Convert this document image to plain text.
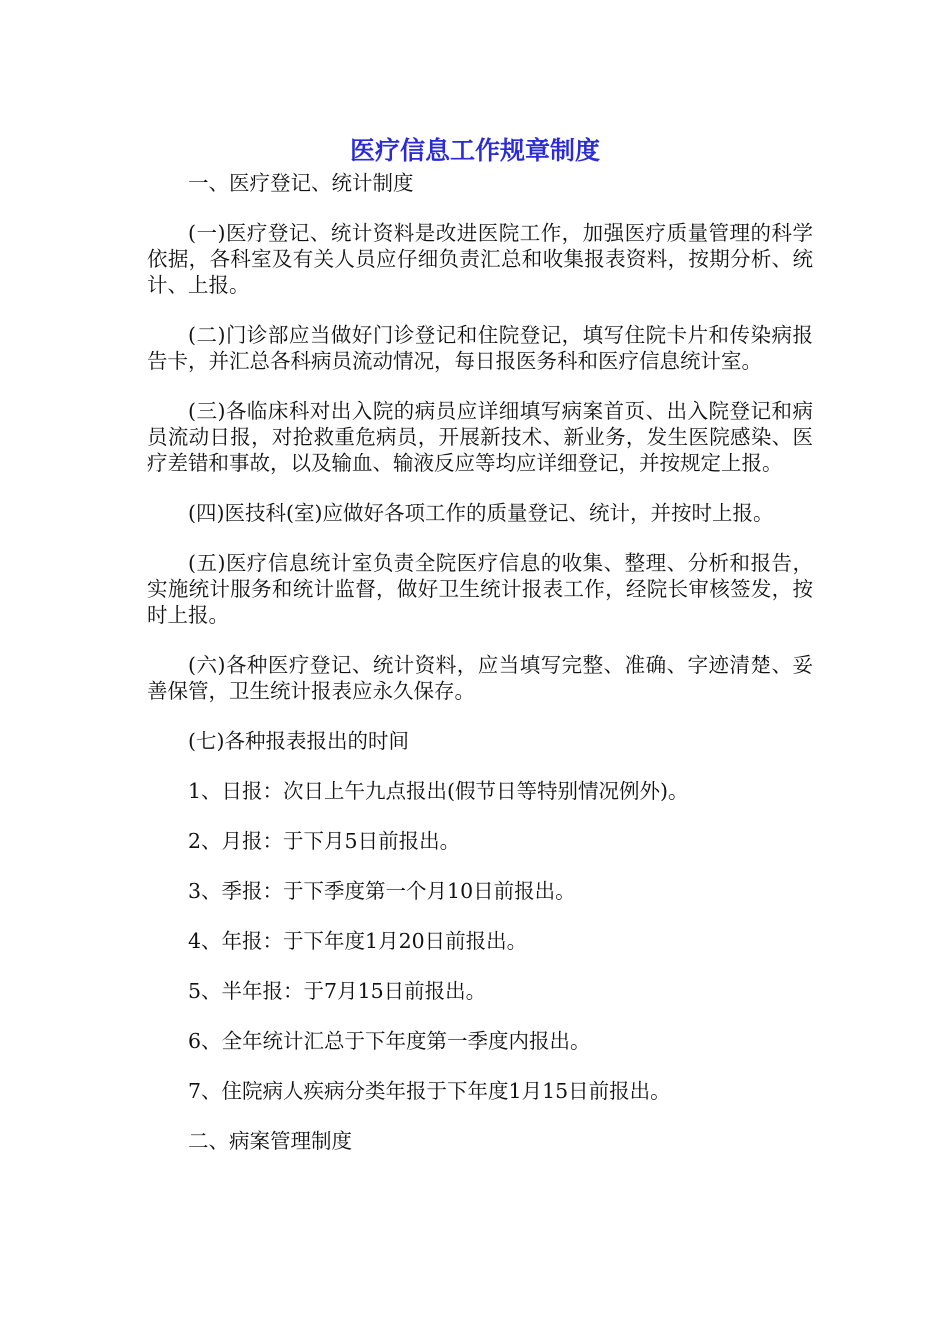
医疗信息工作规章制度

一、医疗登记、统计制度

(一)医疗登记、统计资料是改进医院工作，加强医疗质量管理的科学依据，各科室及有关人员应仔细负责汇总和收集报表资料，按期分析、统计、上报。

(二)门诊部应当做好门诊登记和住院登记，填写住院卡片和传染病报告卡，并汇总各科病员流动情况，每日报医务科和医疗信息统计室。

(三)各临床科对出入院的病员应详细填写病案首页、出入院登记和病员流动日报，对抢救重危病员，开展新技术、新业务，发生医院感染、医疗差错和事故，以及输血、输液反应等均应详细登记，并按规定上报。

(四)医技科(室)应做好各项工作的质量登记、统计，并按时上报。

(五)医疗信息统计室负责全院医疗信息的收集、整理、分析和报告，实施统计服务和统计监督，做好卫生统计报表工作，经院长审核签发，按时上报。

(六)各种医疗登记、统计资料，应当填写完整、准确、字迹清楚、妥善保管，卫生统计报表应永久保存。

(七)各种报表报出的时间

1、日报：次日上午九点报出(假节日等特别情况例外)。

2、月报：于下月5日前报出。

3、季报：于下季度第一个月10日前报出。

4、年报：于下年度1月20日前报出。

5、半年报：于7月15日前报出。

6、全年统计汇总于下年度第一季度内报出。

7、住院病人疾病分类年报于下年度1月15日前报出。

二、病案管理制度
